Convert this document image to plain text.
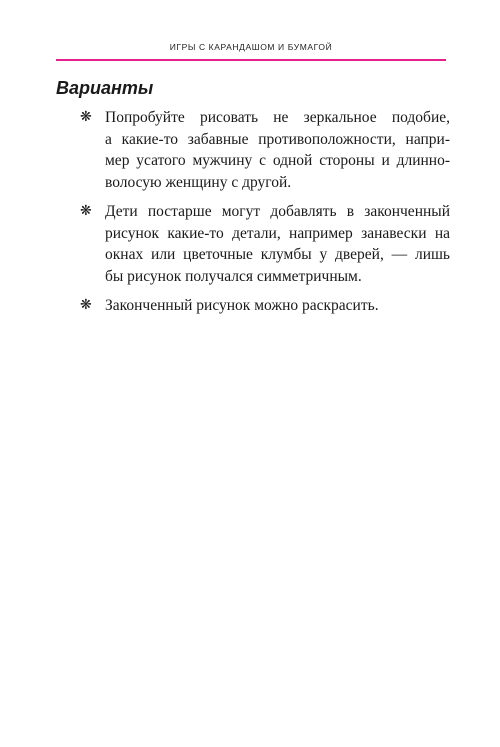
ИГРЫ С КАРАНДАШОМ И БУМАГОЙ
Варианты
❋ Попробуйте рисовать не зеркальное подобие,
а какие-то забавные противоположности, напри-
мер усатого мужчину с одной стороны и длинно-
волосую женщину с другой.
❋ Дети постарше могут добавлять в законченный
рисунок какие-то детали, например занавески на
окнах или цветочные клумбы у дверей, — лишь
бы рисунок получался симметричным.
❋ Законченный рисунок можно раскрасить.
